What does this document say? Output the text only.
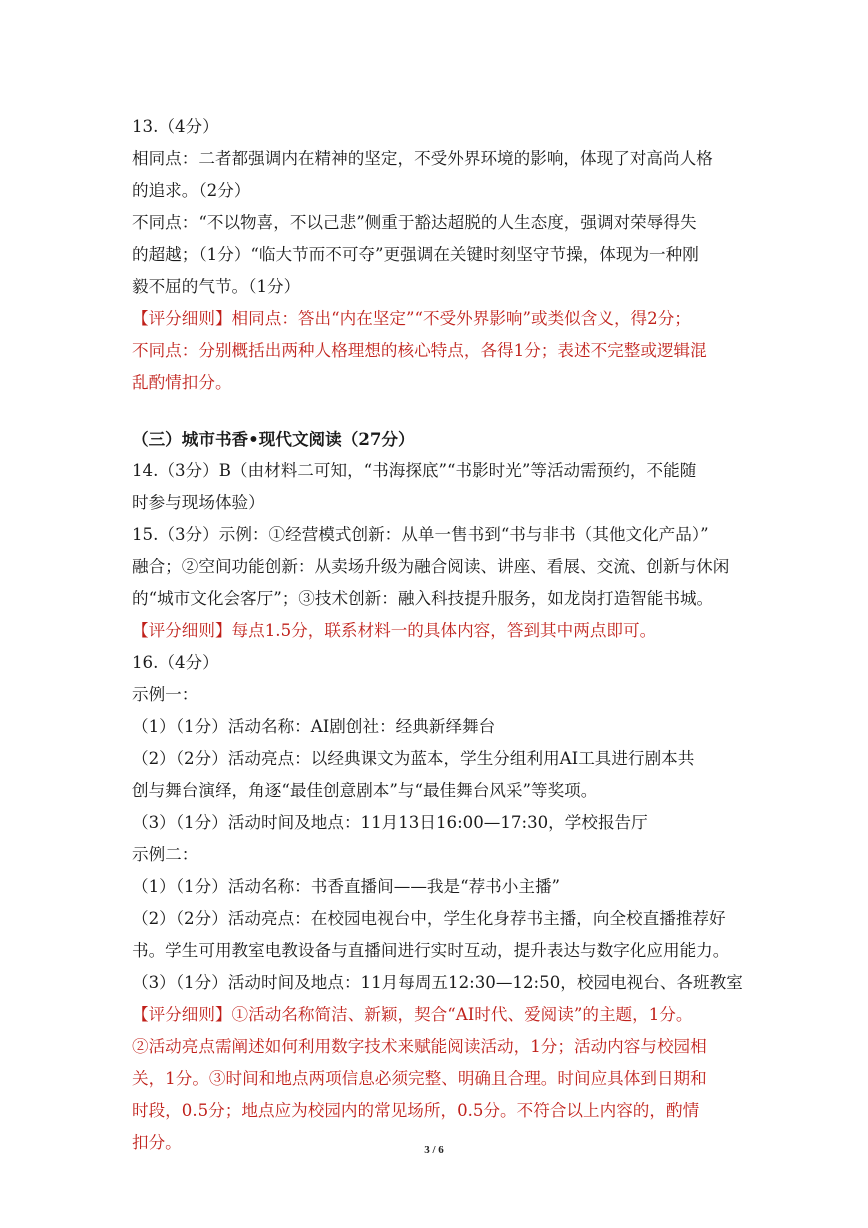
13.（4分）
相同点：二者都强调内在精神的坚定，不受外界环境的影响，体现了对高尚人格
的追求。（2分）
不同点：“不以物喜，不以己悲”侧重于豁达超脱的人生态度，强调对荣辱得失
的超越；（1分）“临大节而不可夺”更强调在关键时刻坚守节操，体现为一种刚
毅不屈的气节。（1分）
【评分细则】相同点：答出“内在坚定”“不受外界影响”或类似含义，得2分；
不同点：分别概括出两种人格理想的核心特点，各得1分；表述不完整或逻辑混
乱酌情扣分。
（三）城市书香•现代文阅读（27分）
14.（3分）B（由材料二可知，“书海探底”“书影时光”等活动需预约，不能随
时参与现场体验）
15.（3分）示例：①经营模式创新：从单一售书到“书与非书（其他文化产品）”
融合；②空间功能创新：从卖场升级为融合阅读、讲座、看展、交流、创新与休闲
的“城市文化会客厅”；③技术创新：融入科技提升服务，如龙岗打造智能书城。
【评分细则】每点1.5分，联系材料一的具体内容，答到其中两点即可。
16.（4分）
示例一：
（1）（1分）活动名称：AI剧创社：经典新绎舞台
（2）（2分）活动亮点：以经典课文为蓝本，学生分组利用AI工具进行剧本共
创与舞台演绎，角逐“最佳创意剧本”与“最佳舞台风采”等奖项。
（3）（1分）活动时间及地点：11月13日16:00—17:30，学校报告厅
示例二：
（1）（1分）活动名称：书香直播间——我是“荐书小主播”
（2）（2分）活动亮点：在校园电视台中，学生化身荐书主播，向全校直播推荐好
书。学生可用教室电教设备与直播间进行实时互动，提升表达与数字化应用能力。
（3）（1分）活动时间及地点：11月每周五12:30—12:50，校园电视台、各班教室
【评分细则】①活动名称简洁、新颖，契合“AI时代、爱阅读”的主题，1分。
②活动亮点需阐述如何利用数字技术来赋能阅读活动，1分；活动内容与校园相
关，1分。③时间和地点两项信息必须完整、明确且合理。时间应具体到日期和
时段，0.5分；地点应为校园内的常见场所，0.5分。不符合以上内容的，酌情
扣分。	3 / 6
